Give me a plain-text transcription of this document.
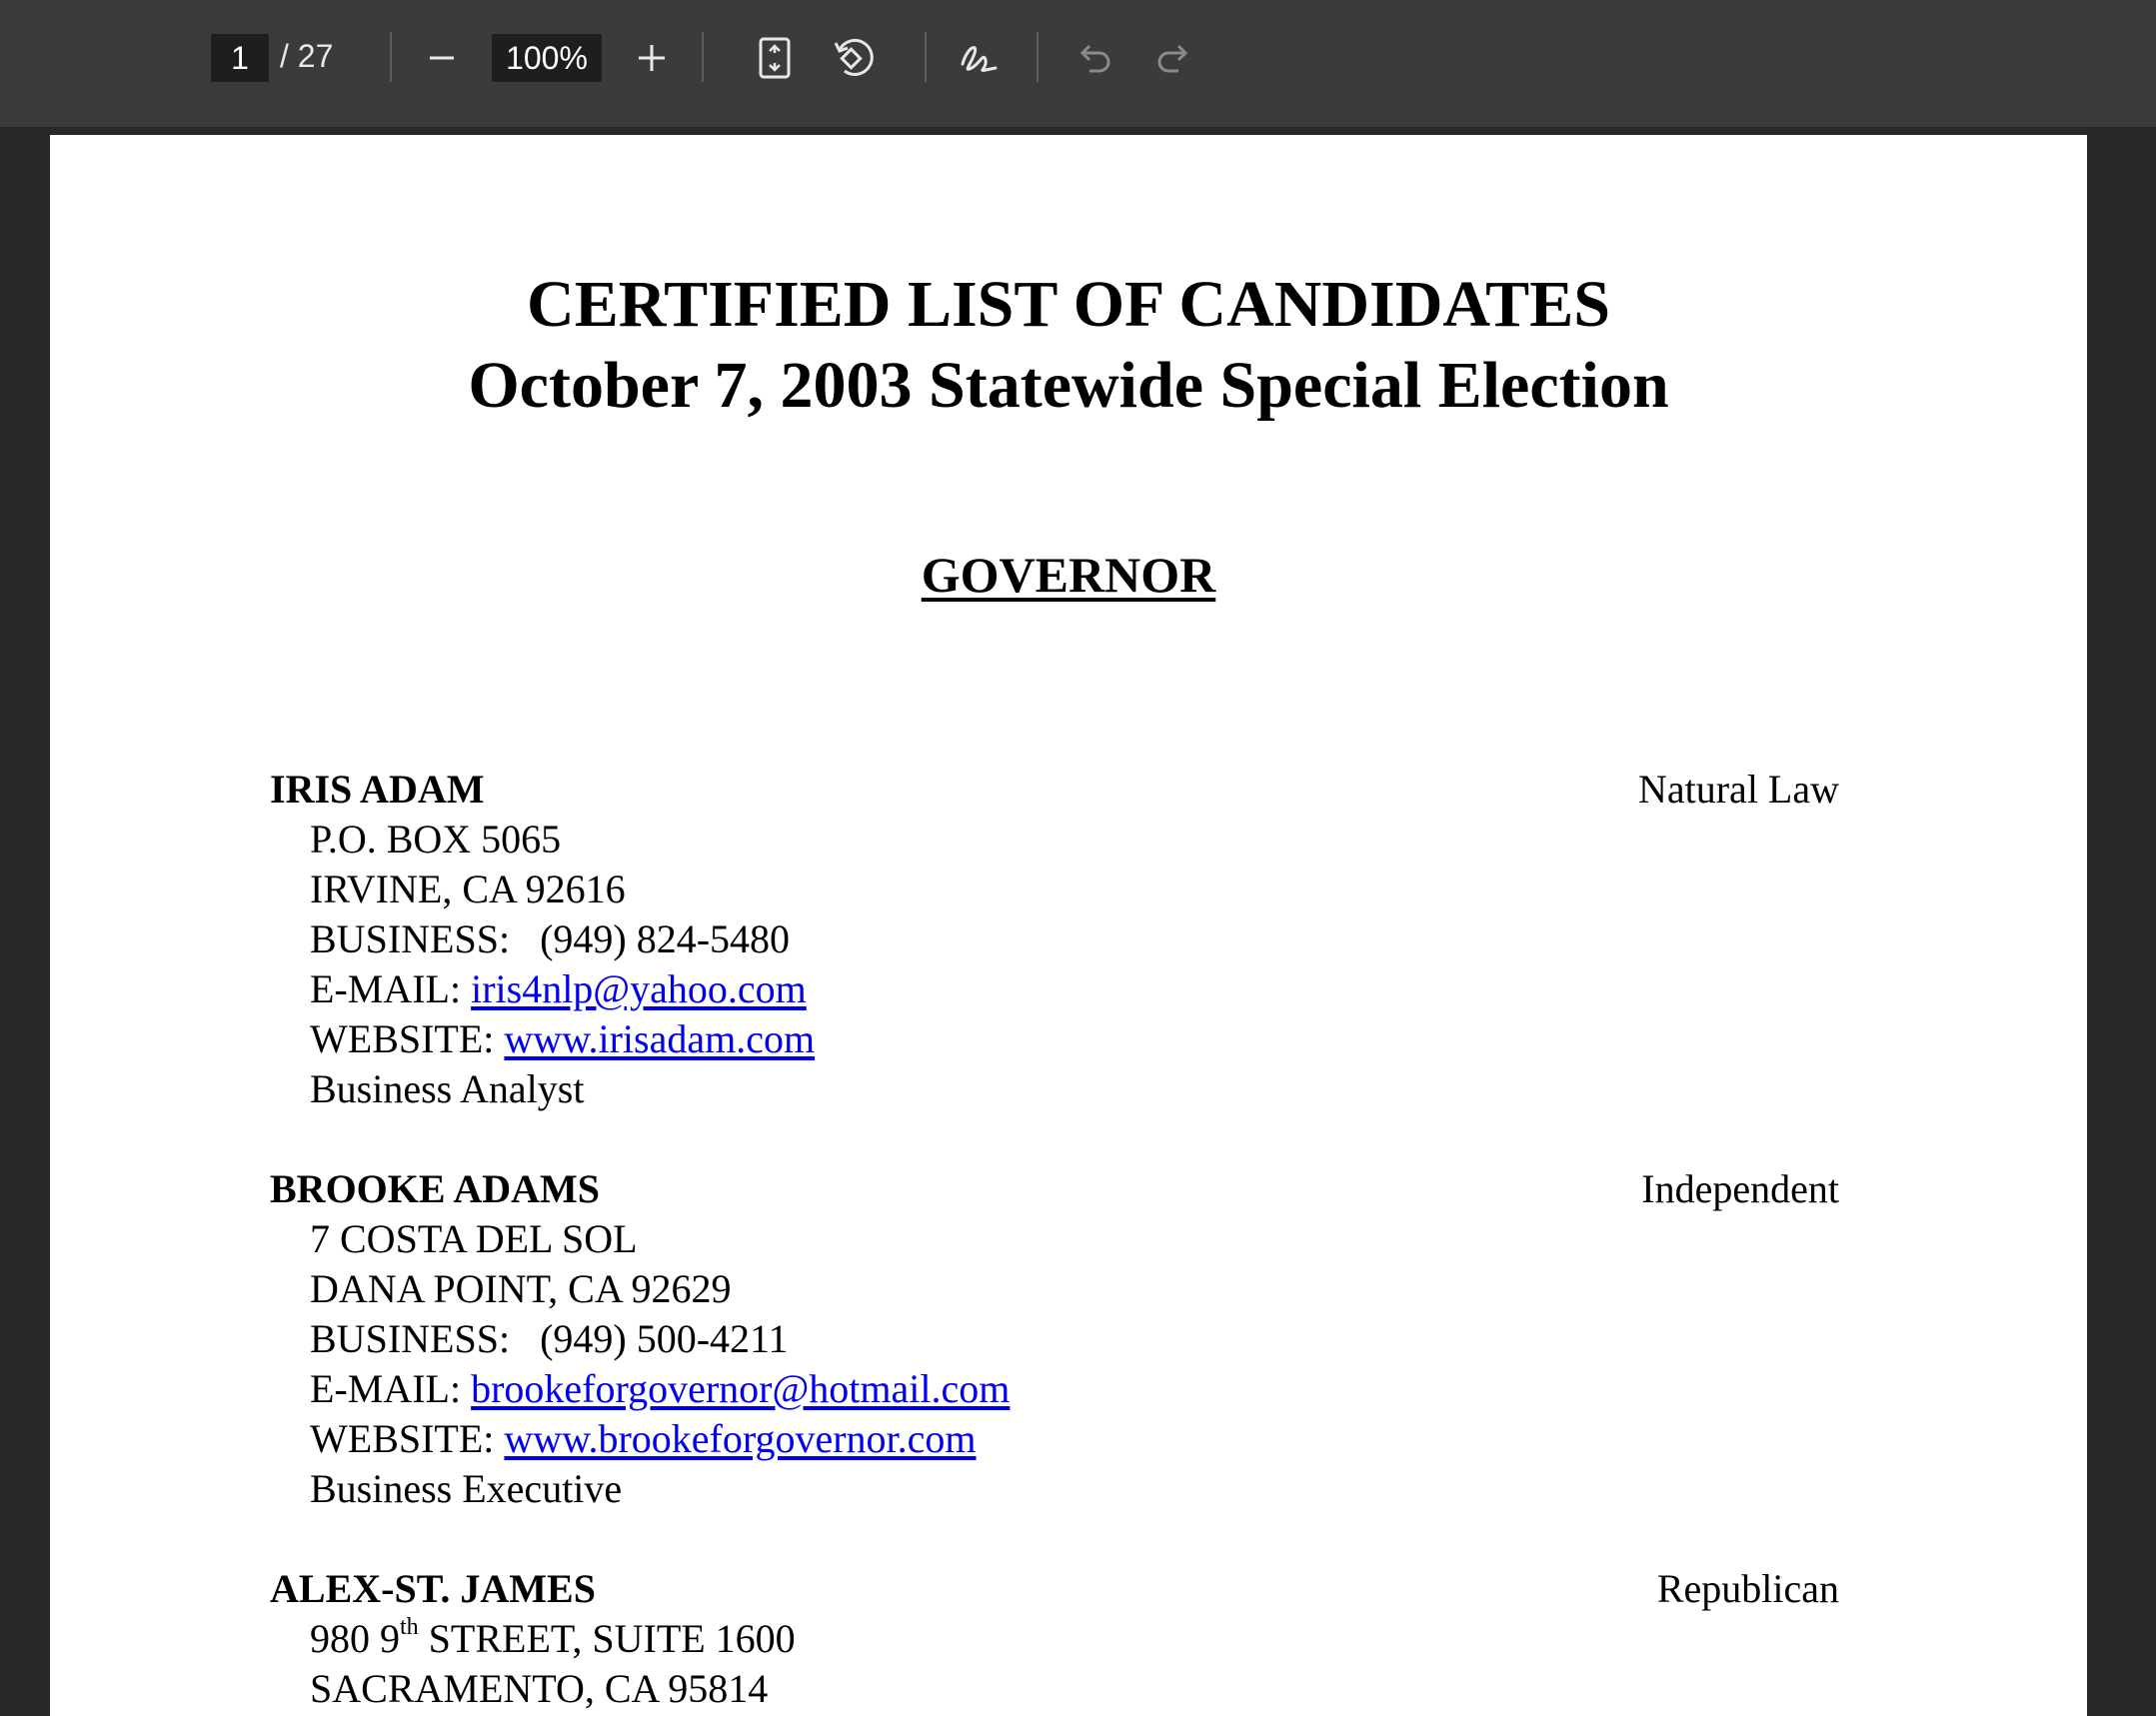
1
/ 27	100%
CERTIFIED LIST OF CANDIDATES
October 7, 2003 Statewide Special Election
GOVERNOR
IRIS ADAM	Natural Law
P.O. BOX 5065
IRVINE, CA 92616
BUSINESS: (949) 824-5480
E-MAIL: iris4nlp@yahoo.com
WEBSITE: www.irisadam.com
Business Analyst
BROOKE ADAMS	Independent
7 COSTA DEL SOL
DANA POINT, CA 92629
BUSINESS: (949) 500-4211
E-MAIL: brookeforgovernor@hotmail.com
WEBSITE: www.brookeforgovernor.com
Business Executive
ALEX-ST. JAMES	Republican
980 9th STREET, SUITE 1600
SACRAMENTO, CA 95814
